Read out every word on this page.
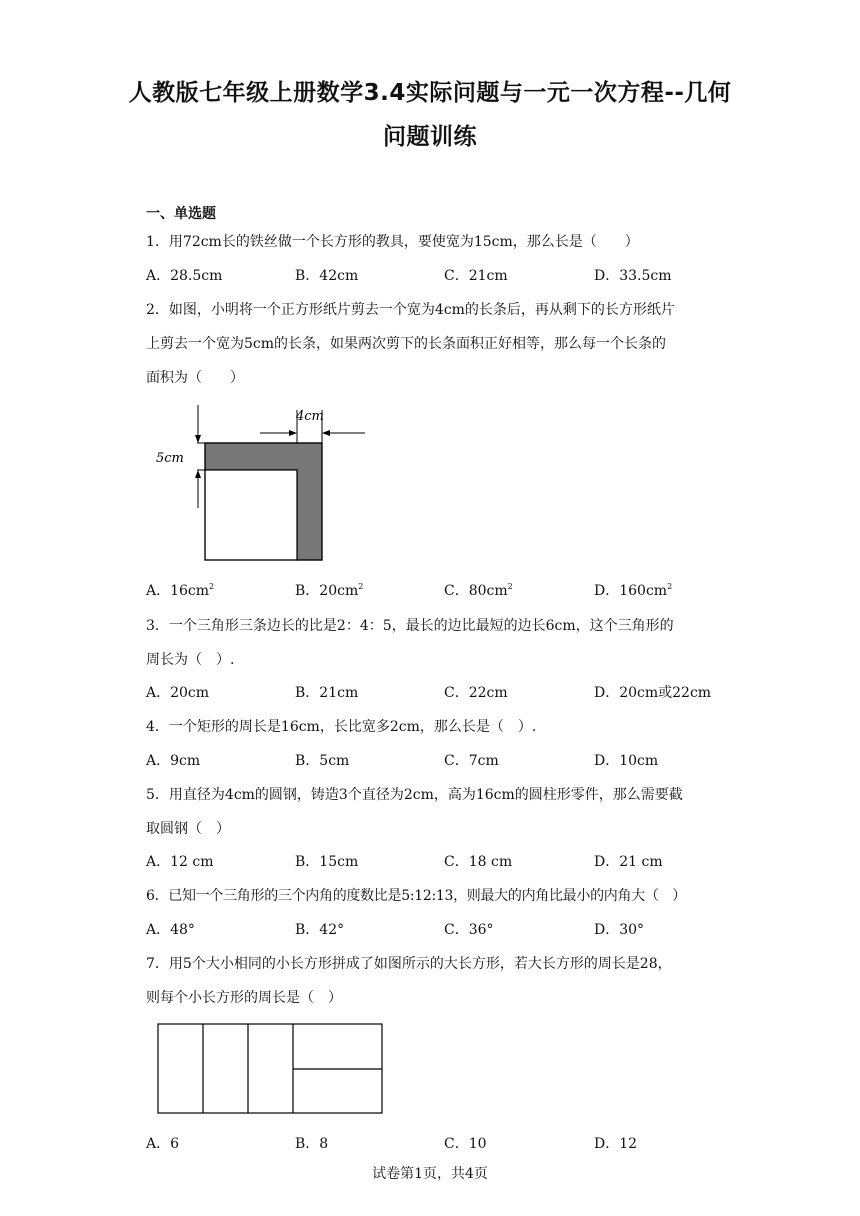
人教版七年级上册数学3.4实际问题与一元一次方程--几何
问题训练
一、单选题
1．用72cm长的铁丝做一个长方形的教具，要使宽为15cm，那么长是（　　）
A．28.5cm	B．42cm	C．21cm	D．33.5cm
2．如图，小明将一个正方形纸片剪去一个宽为4cm的长条后，再从剩下的长方形纸片
上剪去一个宽为5cm的长条，如果两次剪下的长条面积正好相等，那么每一个长条的
面积为（　　）
4cm
5cm
A．$16cm^2$	B．$20cm^2$	C．$80cm^2$	D．$160cm^2$
3．一个三角形三条边长的比是2：4：5，最长的边比最短的边长6cm，这个三角形的
周长为（　）.
A．20cm	B．21cm	C．22cm	D．20cm或22cm
4．一个矩形的周长是16cm，长比宽多2cm，那么长是（　）.
A．9cm	B．5cm	C．7cm	D．10cm
5．用直径为4cm的圆钢，铸造3个直径为2cm，高为16cm的圆柱形零件，那么需要截
取圆钢（　）
A．12 cm	B．15cm	C．18 cm	D．21 cm
6．已知一个三角形的三个内角的度数比是5:12:13，则最大的内角比最小的内角大（　）
A．48°	B．42°	C．36°	D．30°
7．用5个大小相同的小长方形拼成了如图所示的大长方形，若大长方形的周长是28，
则每个小长方形的周长是（　）
A．6	B．8	C．10	D．12
试卷第1页，共4页
